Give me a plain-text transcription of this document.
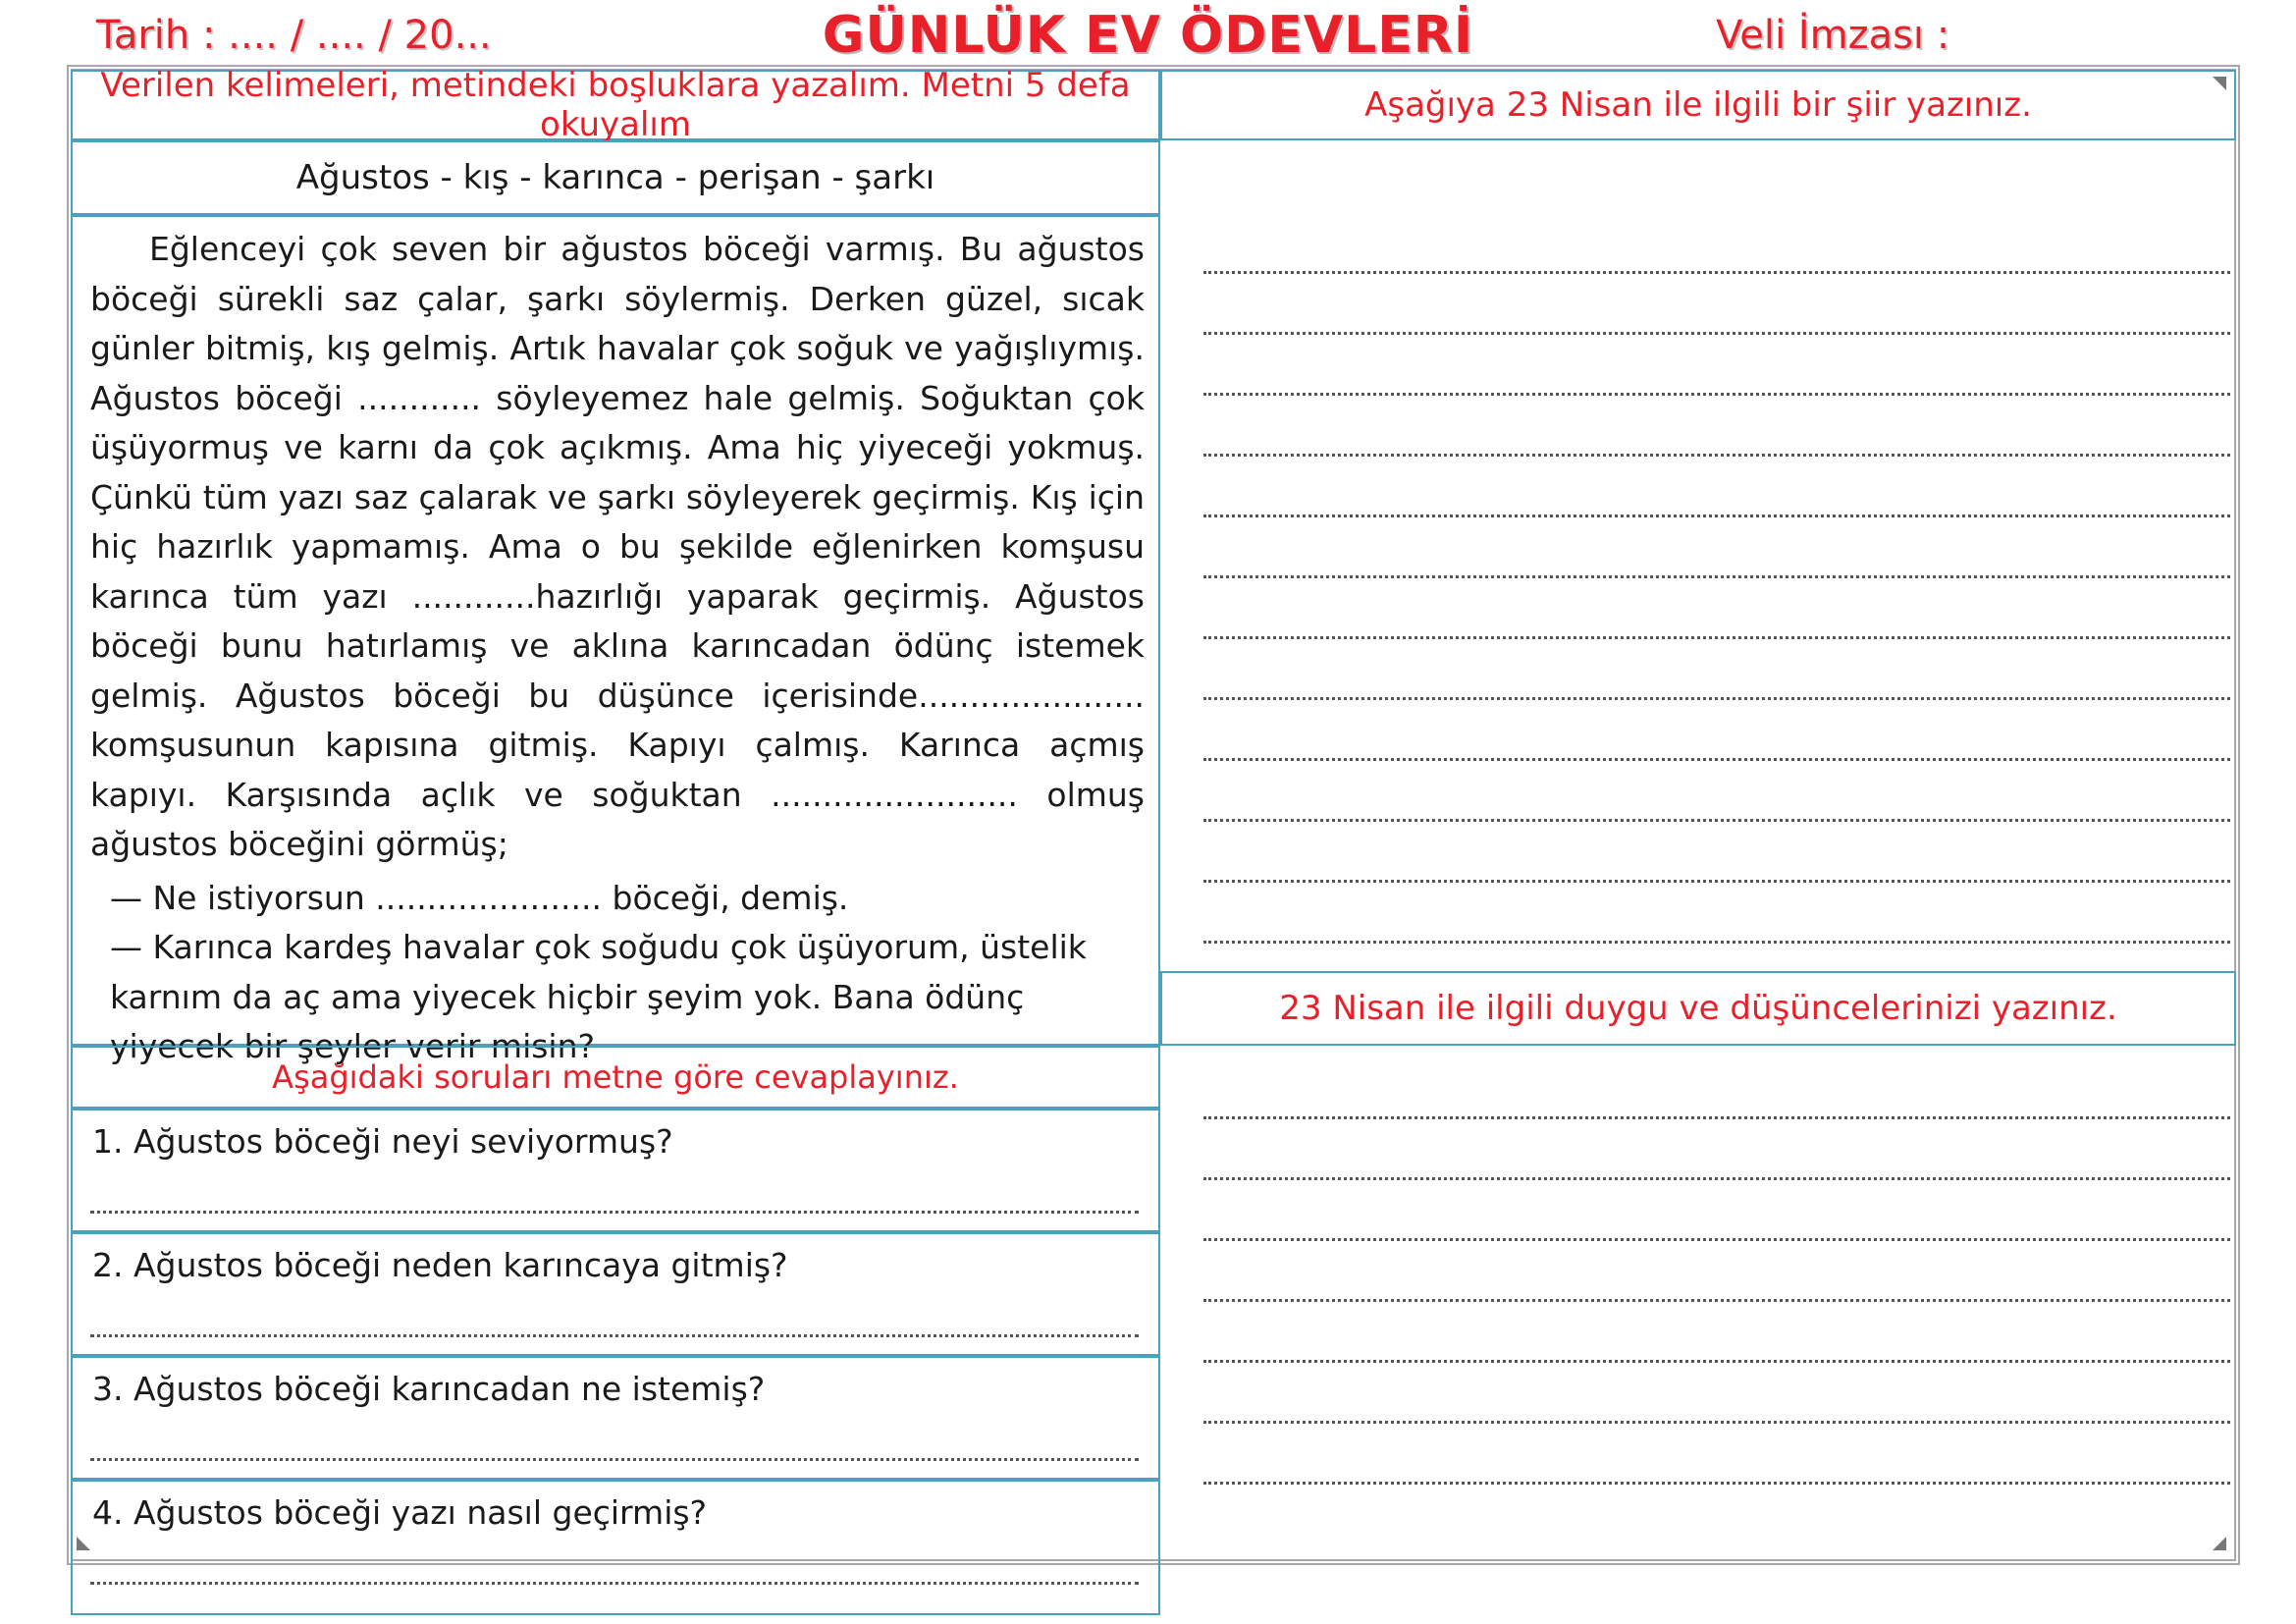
Tarih : .... / .... / 20...	GÜNLÜK EV ÖDEVLERİ	Veli İmzası :
Verilen kelimeleri, metindeki boşluklara yazalım. Metni 5 defa okuyalım
Ağustos - kış - karınca - perişan - şarkı

Eğlenceyi çok seven bir ağustos böceği varmış. Bu ağustos böceği sürekli saz çalar, şarkı söylermiş. Derken güzel, sıcak günler bitmiş, kış gelmiş. Artık havalar çok soğuk ve yağışlıymış. Ağustos böceği ............ söyleyemez hale gelmiş. Soğuktan çok üşüyormuş ve karnı da çok açıkmış. Ama hiç yiyeceği yokmuş. Çünkü tüm yazı saz çalarak ve şarkı söyleyerek geçirmiş. Kış için hiç hazırlık yapmamış. Ama o bu şekilde eğlenirken komşusu karınca tüm yazı ............hazırlığı yaparak geçirmiş. Ağustos böceği bunu hatırlamış ve aklına karıncadan ödünç istemek gelmiş. Ağustos böceği bu düşünce içerisinde...................... komşusunun kapısına gitmiş. Kapıyı çalmış. Karınca açmış kapıyı. Karşısında açlık ve soğuktan ........................ olmuş ağustos böceğini görmüş;

— Ne istiyorsun ...................... böceği, demiş.

— Karınca kardeş havalar çok soğudu çok üşüyorum, üstelik karnım da aç ama yiyecek hiçbir şeyim yok. Bana ödünç yiyecek bir şeyler verir misin?

Aşağıdaki soruları metne göre cevaplayınız.
1. Ağustos böceği neyi seviyormuş?
2. Ağustos böceği neden karıncaya gitmiş?
3. Ağustos böceği karıncadan ne istemiş?
4. Ağustos böceği yazı nasıl geçirmiş?
Aşağıya 23 Nisan ile ilgili bir şiir yazınız.
23 Nisan ile ilgili duygu ve düşüncelerinizi yazınız.
